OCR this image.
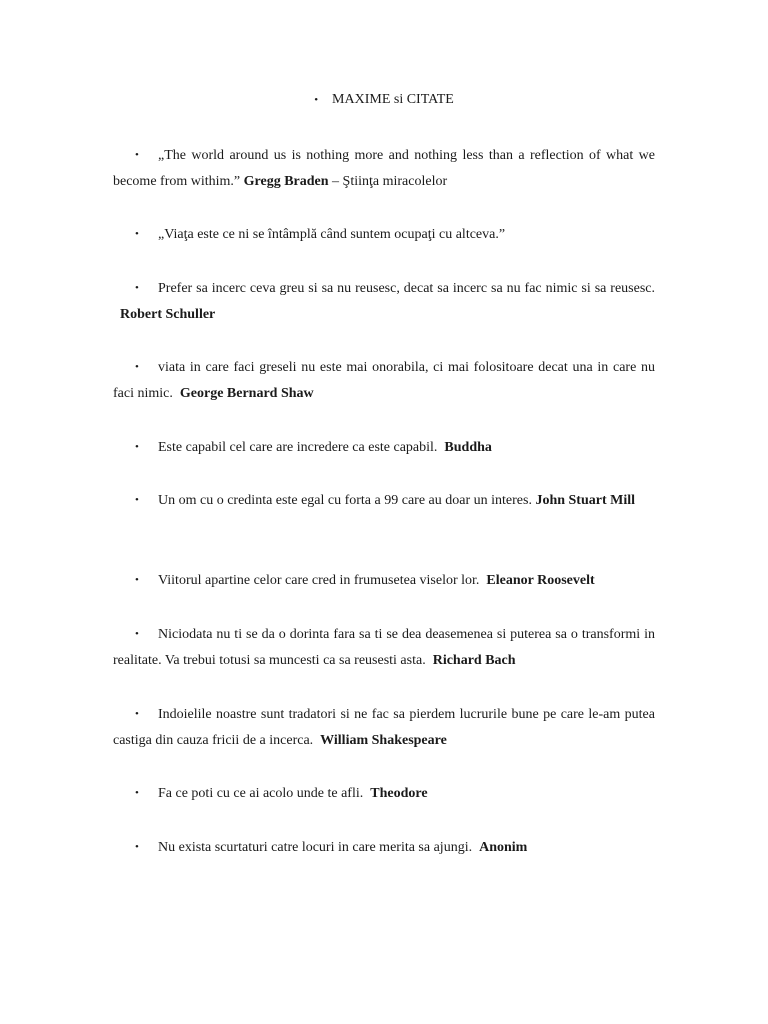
• MAXIME si CITATE
• „The world around us is nothing more and nothing less than a reflection of what we become from withim.” Gregg Braden – Ştiinţa miracolelor
• „Viaţa este ce ni se întâmplă când suntem ocupaţi cu altceva.”
• Prefer sa incerc ceva greu si sa nu reusesc, decat sa incerc sa nu fac nimic si sa reusesc.  Robert Schuller
• viata in care faci greseli nu este mai onorabila, ci mai folositoare decat una in care nu faci nimic. George Bernard Shaw
• Este capabil cel care are incredere ca este capabil. Buddha
• Un om cu o credinta este egal cu forta a 99 care au doar un interes. John Stuart Mill
• Viitorul apartine celor care cred in frumusetea viselor lor. Eleanor Roosevelt
• Niciodata nu ti se da o dorinta fara sa ti se dea deasemenea si puterea sa o transformi in realitate. Va trebui totusi sa muncesti ca sa reusesti asta. Richard Bach
• Indoielile noastre sunt tradatori si ne fac sa pierdem lucrurile bune pe care le-am putea castiga din cauza fricii de a incerca. William Shakespeare
• Fa ce poti cu ce ai acolo unde te afli. Theodore
• Nu exista scurtaturi catre locuri in care merita sa ajungi. Anonim
